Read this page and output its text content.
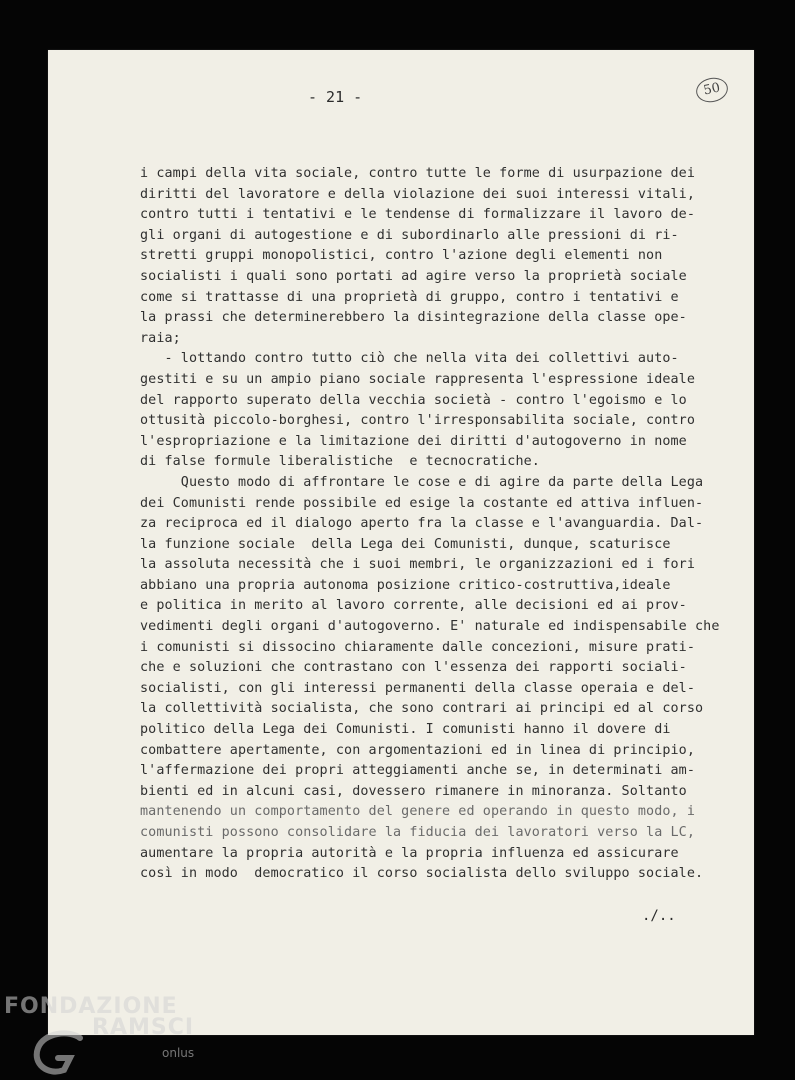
- 21 -	50
i campi della vita sociale, contro tutte le forme di usurpazione dei
diritti del lavoratore e della violazione dei suoi interessi vitali,
contro tutti i tentativi e le tendense di formalizzare il lavoro de-
gli organi di autogestione e di subordinarlo alle pressioni di ri-
stretti gruppi monopolistici, contro l'azione degli elementi non
socialisti i quali sono portati ad agire verso la proprietà sociale
come si trattasse di una proprietà di gruppo, contro i tentativi e
la prassi che determinerebbero la disintegrazione della classe ope-
raia;
- lottando contro tutto ciò che nella vita dei collettivi auto-
gestiti e su un ampio piano sociale rappresenta l'espressione ideale
del rapporto superato della vecchia società - contro l'egoismo e lo
ottusità piccolo-borghesi, contro l'irresponsabilita sociale, contro
l'espropriazione e la limitazione dei diritti d'autogoverno in nome
di false formule liberalistiche  e tecnocratiche.
Questo modo di affrontare le cose e di agire da parte della Lega
dei Comunisti rende possibile ed esige la costante ed attiva influen-
za reciproca ed il dialogo aperto fra la classe e l'avanguardia. Dal-
la funzione sociale  della Lega dei Comunisti, dunque, scaturisce
la assoluta necessità che i suoi membri, le organizzazioni ed i fori
abbiano una propria autonoma posizione critico-costruttiva,ideale
e politica in merito al lavoro corrente, alle decisioni ed ai prov-
vedimenti degli organi d'autogoverno. E' naturale ed indispensabile che
i comunisti si dissocino chiaramente dalle concezioni, misure prati-
che e soluzioni che contrastano con l'essenza dei rapporti sociali-
socialisti, con gli interessi permanenti della classe operaia e del-
la collettività socialista, che sono contrari ai principi ed al corso
politico della Lega dei Comunisti. I comunisti hanno il dovere di
combattere apertamente, con argomentazioni ed in linea di principio,
l'affermazione dei propri atteggiamenti anche se, in determinati am-
bienti ed in alcuni casi, dovessero rimanere in minoranza. Soltanto
mantenendo un comportamento del genere ed operando in questo modo, i
comunisti possono consolidare la fiducia dei lavoratori verso la LC,
aumentare la propria autorità e la propria influenza ed assicurare
così in modo  democratico il corso socialista dello sviluppo sociale.
./..
FONDAZIONE
RAMSCI
onlus
